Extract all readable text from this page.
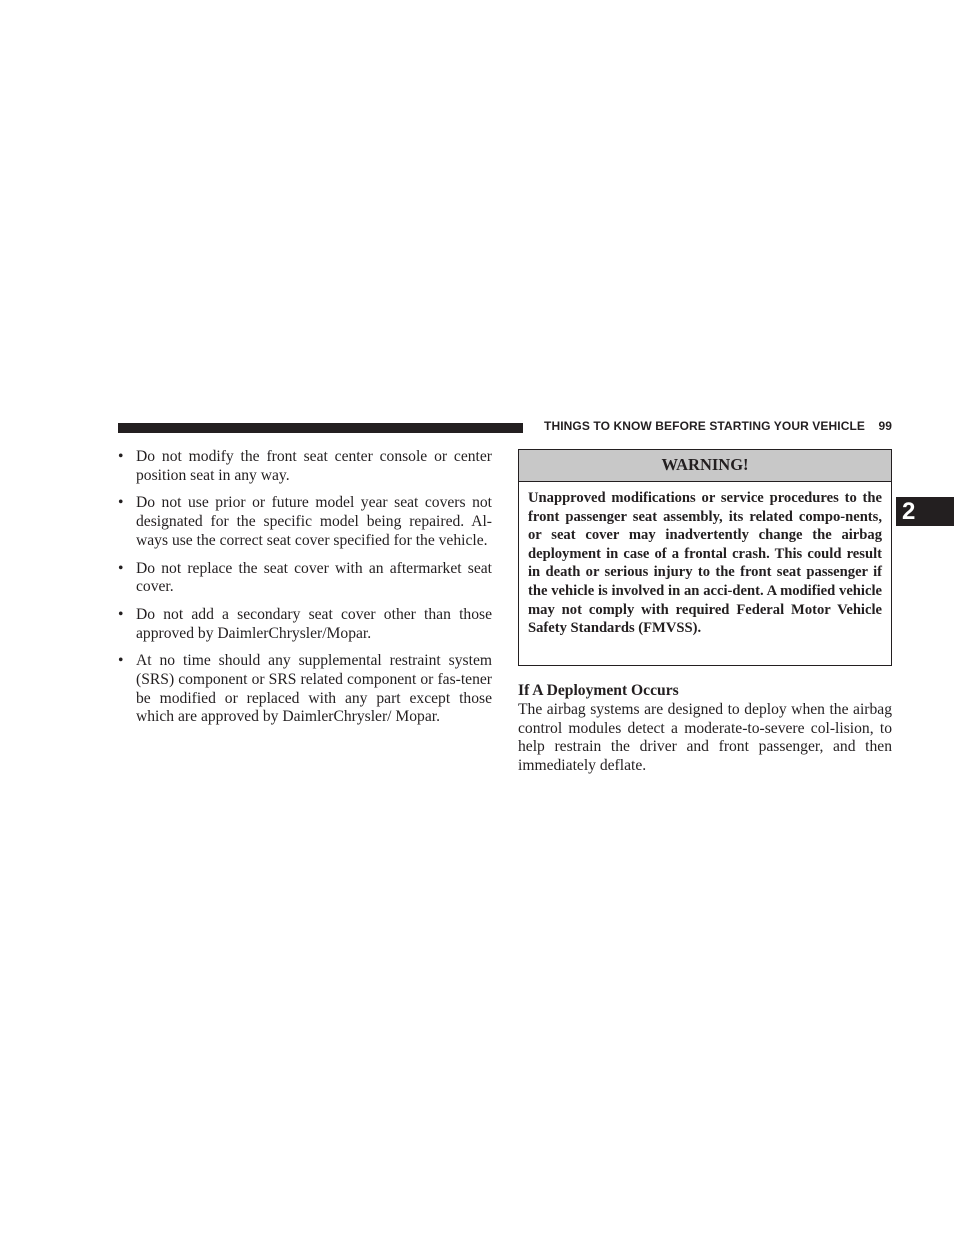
THINGS TO KNOW BEFORE STARTING YOUR VEHICLE 99
2
• Do not modify the front seat center console or center position seat in any way.
• Do not use prior or future model year seat covers not designated for the specific model being repaired. Al-ways use the correct seat cover specified for the vehicle.
• Do not replace the seat cover with an aftermarket seat cover.
• Do not add a secondary seat cover other than those approved by DaimlerChrysler/Mopar.
• At no time should any supplemental restraint system (SRS) component or SRS related component or fas-tener be modified or replaced with any part except those which are approved by DaimlerChrysler/ Mopar.
WARNING!
Unapproved modifications or service procedures to the front passenger seat assembly, its related compo-nents, or seat cover may inadvertently change the airbag deployment in case of a frontal crash. This could result in death or serious injury to the front seat passenger if the vehicle is involved in an acci-dent. A modified vehicle may not comply with required Federal Motor Vehicle Safety Standards (FMVSS).
If A Deployment Occurs
The airbag systems are designed to deploy when the airbag control modules detect a moderate-to-severe col-lision, to help restrain the driver and front passenger, and then immediately deflate.
